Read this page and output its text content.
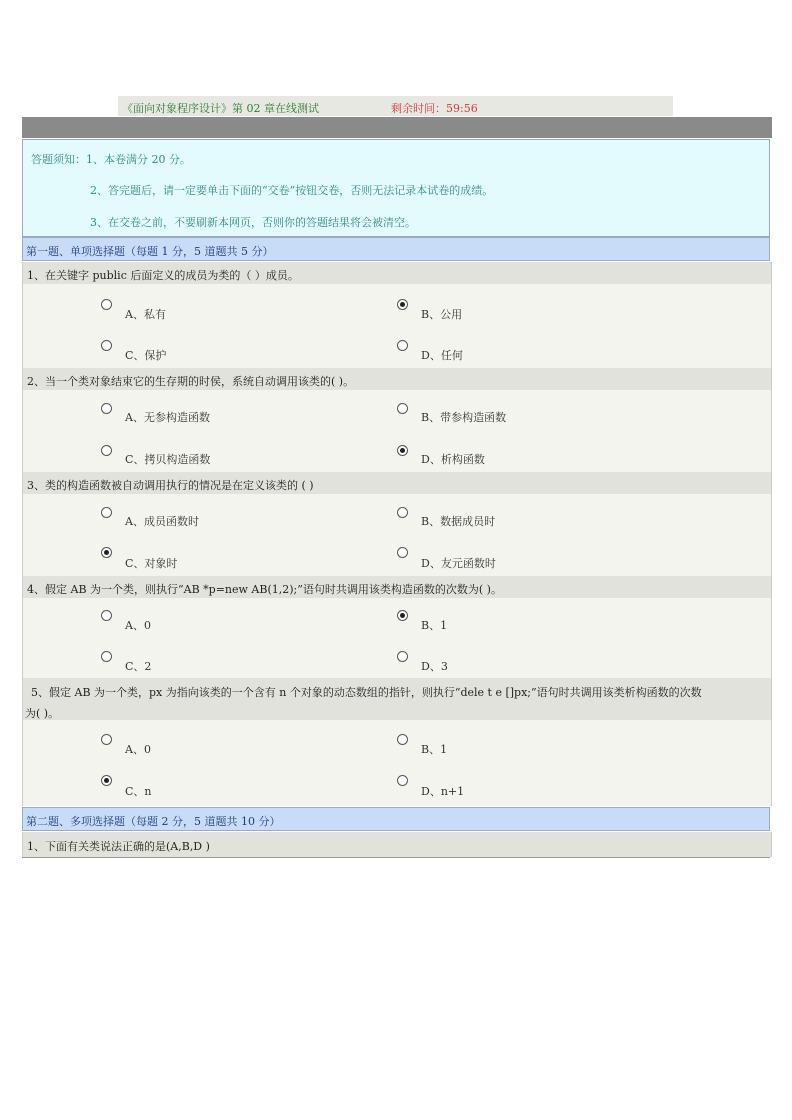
《面向对象程序设计》第 02 章在线测试	剩余时间：59:56
答题须知：1、本卷满分 20 分。
2、答完题后，请一定要单击下面的“交卷”按钮交卷，否则无法记录本试卷的成绩。
3、在交卷之前，不要刷新本网页，否则你的答题结果将会被清空。
第一题、单项选择题（每题 1 分，5 道题共 5 分）
1、在关键字 public 后面定义的成员为类的（ ）成员。
A、私有	B、公用
C、保护	D、任何
2、当一个类对象结束它的生存期的时侯，系统自动调用该类的( )。
A、无参构造函数	B、带参构造函数
C、拷贝构造函数	D、析构函数
3、类的构造函数被自动调用执行的情况是在定义该类的 ( )
A、成员函数时	B、数据成员时
C、对象时	D、友元函数时
4、假定 AB 为一个类，则执行“AB *p=new AB(1,2);”语句时共调用该类构造函数的次数为( )。
A、0	B、1
C、2	D、3
5、假定 AB 为一个类，px 为指向该类的一个含有 n 个对象的动态数组的指针，则执行“dele t e []px;”语句时共调用该类析构函数的次数
为( )。
A、0	B、1
C、n	D、n+1
第二题、多项选择题（每题 2 分，5 道题共 10 分）
1、下面有关类说法正确的是(A,B,D )
